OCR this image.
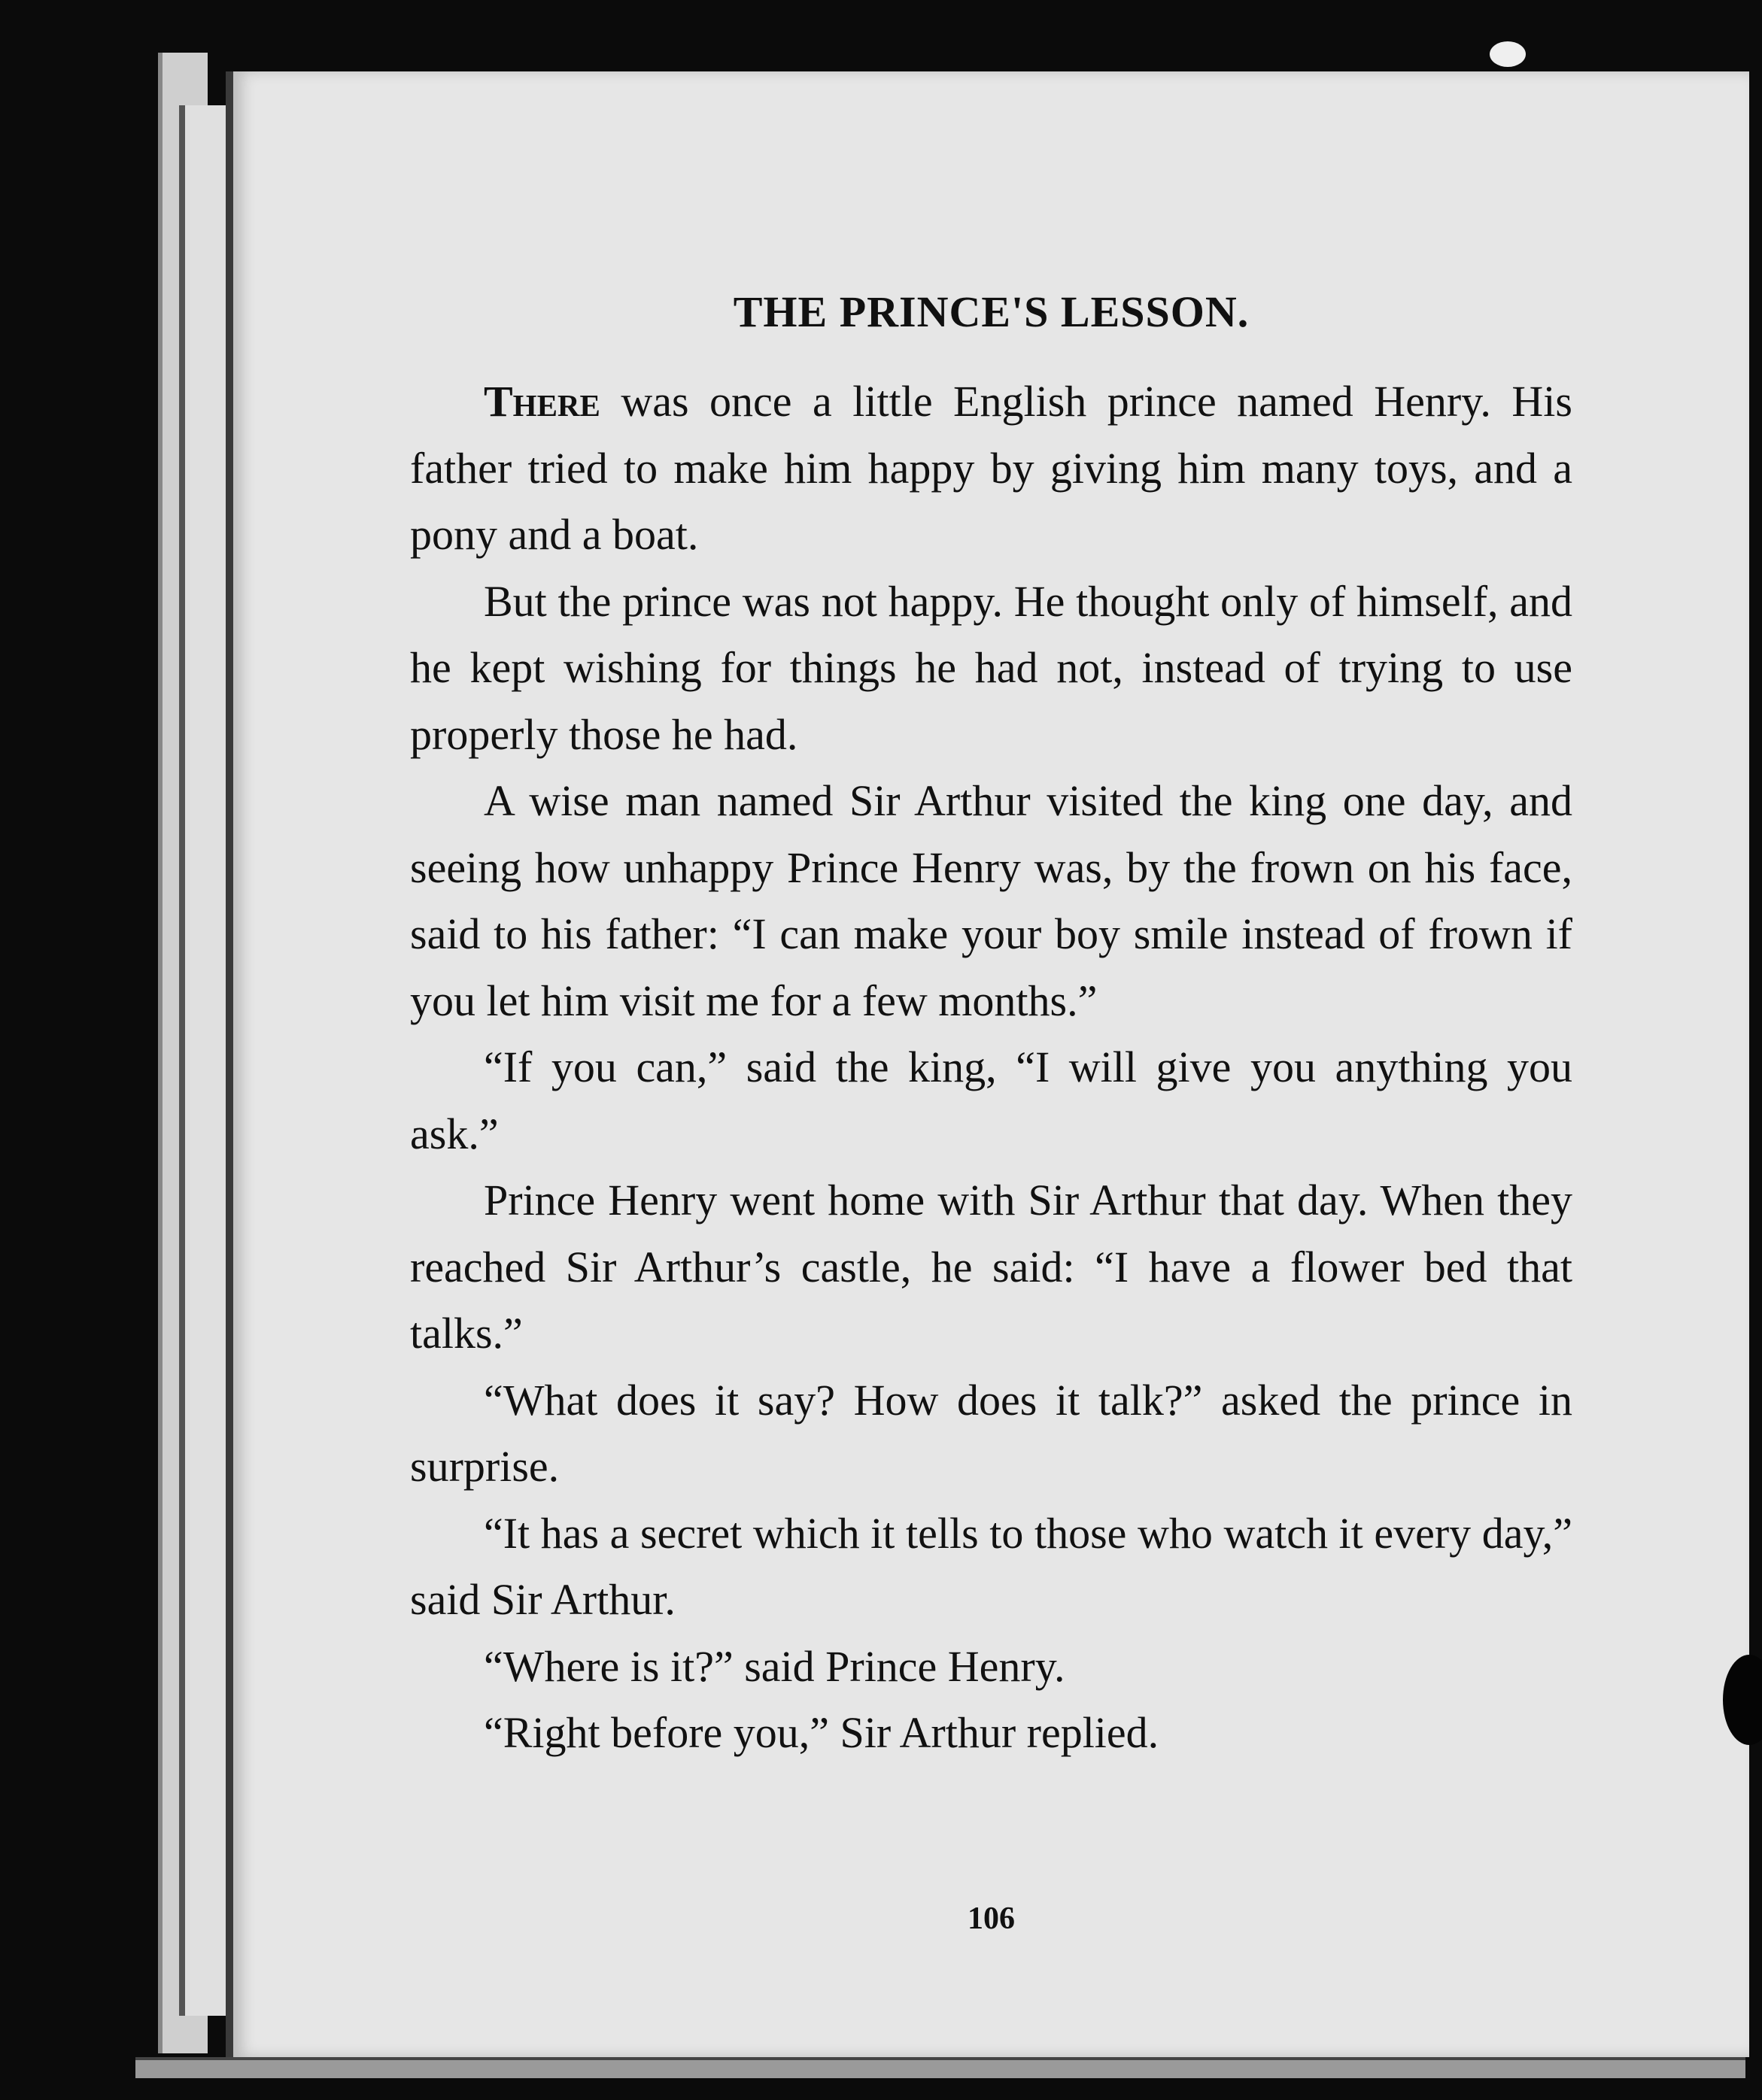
106
THE PRINCE'S LESSON.

There was once a little English prince named Henry. His father tried to make him happy by giving him many toys, and a pony and a boat.

But the prince was not happy. He thought only of himself, and he kept wishing for things he had not, instead of trying to use properly those he had.

A wise man named Sir Arthur visited the king one day, and seeing how unhappy Prince Henry was, by the frown on his face, said to his father: “I can make your boy smile instead of frown if you let him visit me for a few months.”

“If you can,” said the king, “I will give you anything you ask.”

Prince Henry went home with Sir Arthur that day. When they reached Sir Arthur’s castle, he said: “I have a flower bed that talks.”

“What does it say? How does it talk?” asked the prince in surprise.

“It has a secret which it tells to those who watch it every day,” said Sir Arthur.

“Where is it?” said Prince Henry.

“Right before you,” Sir Arthur replied.
